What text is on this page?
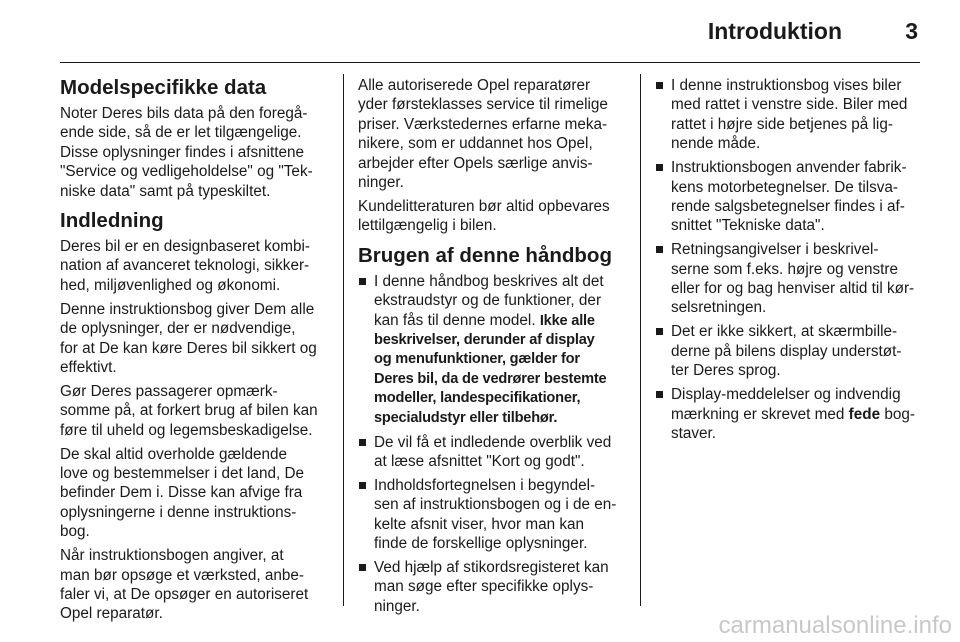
Introduktion	3
Modelspecifikke data
Noter Deres bils data på den foregå-
ende side, så de er let tilgængelige.
Disse oplysninger findes i afsnittene
"Service og vedligeholdelse" og "Tek-
niske data" samt på typeskiltet.
Indledning
Deres bil er en designbaseret kombi-
nation af avanceret teknologi, sikker-
hed, miljøvenlighed og økonomi.
Denne instruktionsbog giver Dem alle
de oplysninger, der er nødvendige,
for at De kan køre Deres bil sikkert og
effektivt.
Gør Deres passagerer opmærk-
somme på, at forkert brug af bilen kan
føre til uheld og legemsbeskadigelse.
De skal altid overholde gældende
love og bestemmelser i det land, De
befinder Dem i. Disse kan afvige fra
oplysningerne i denne instruktions-
bog.
Når instruktionsbogen angiver, at
man bør opsøge et værksted, anbe-
faler vi, at De opsøger en autoriseret
Opel reparatør.
Alle autoriserede Opel reparatører
yder førsteklasses service til rimelige
priser. Værkstedernes erfarne meka-
nikere, som er uddannet hos Opel,
arbejder efter Opels særlige anvis-
ninger.
Kundelitteraturen bør altid opbevares
lettilgængelig i bilen.
Brugen af denne håndbog
I denne håndbog beskrives alt det
ekstraudstyr og de funktioner, der
kan fås til denne model. Ikke alle
beskrivelser, derunder af display
og menufunktioner, gælder for
Deres bil, da de vedrører bestemte
modeller, landespecifikationer,
specialudstyr eller tilbehør.
De vil få et indledende overblik ved
at læse afsnittet "Kort og godt".
Indholdsfortegnelsen i begyndel-
sen af instruktionsbogen og i de en-
kelte afsnit viser, hvor man kan
finde de forskellige oplysninger.
Ved hjælp af stikordsregisteret kan
man søge efter specifikke oplys-
ninger.
I denne instruktionsbog vises biler
med rattet i venstre side. Biler med
rattet i højre side betjenes på lig-
nende måde.
Instruktionsbogen anvender fabrik-
kens motorbetegnelser. De tilsva-
rende salgsbetegnelser findes i af-
snittet "Tekniske data".
Retningsangivelser i beskrivel-
serne som f.eks. højre og venstre
eller for og bag henviser altid til kør-
selsretningen.
Det er ikke sikkert, at skærmbille-
derne på bilens display understøt-
ter Deres sprog.
Display-meddelelser og indvendig
mærkning er skrevet med fede bog-
staver.
carmanualsonline.info
